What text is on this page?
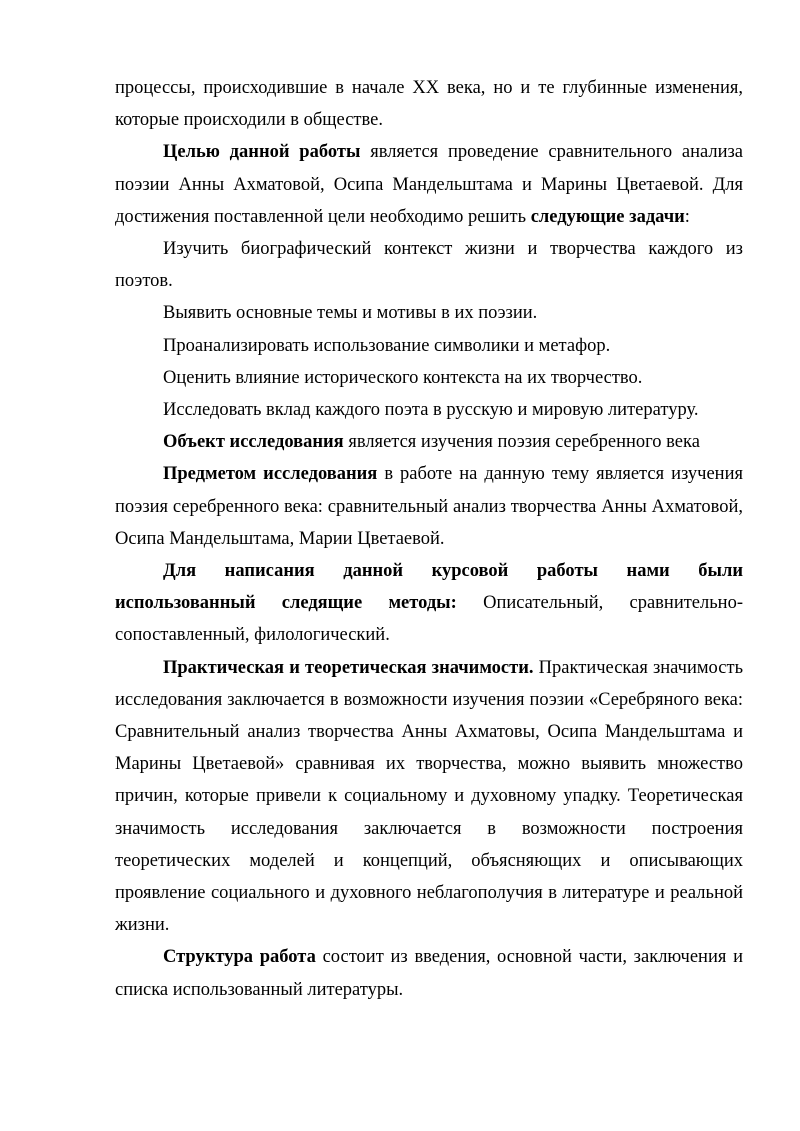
процессы, происходившие в начале XX века, но и те глубинные изменения, которые происходили в обществе.

Целью данной работы является проведение сравнительного анализа поэзии Анны Ахматовой, Осипа Мандельштама и Марины Цветаевой. Для достижения поставленной цели необходимо решить следующие задачи:

Изучить биографический контекст жизни и творчества каждого из поэтов.

Выявить основные темы и мотивы в их поэзии.

Проанализировать использование символики и метафор.

Оценить влияние исторического контекста на их творчество.

Исследовать вклад каждого поэта в русскую и мировую литературу.

Объект исследования является изучения поэзия серебренного века

Предметом исследования в работе на данную тему является изучения поэзия серебренного века: сравнительный анализ творчества Анны Ахматовой, Осипа Мандельштама, Марии Цветаевой.

Для написания данной курсовой работы нами были использованный следящие методы: Описательный, сравнительно-сопоставленный, филологический.

Практическая и теоретическая значимости. Практическая значимость исследования заключается в возможности изучения поэзии «Серебряного века: Сравнительный анализ творчества Анны Ахматовы, Осипа Мандельштама и Марины Цветаевой» сравнивая их творчества, можно выявить множество причин, которые привели к социальному и духовному упадку. Теоретическая значимость исследования заключается в возможности построения теоретических моделей и концепций, объясняющих и описывающих проявление социального и духовного неблагополучия в литературе и реальной жизни.

Структура работа состоит из введения, основной части, заключения и списка использованный литературы.
